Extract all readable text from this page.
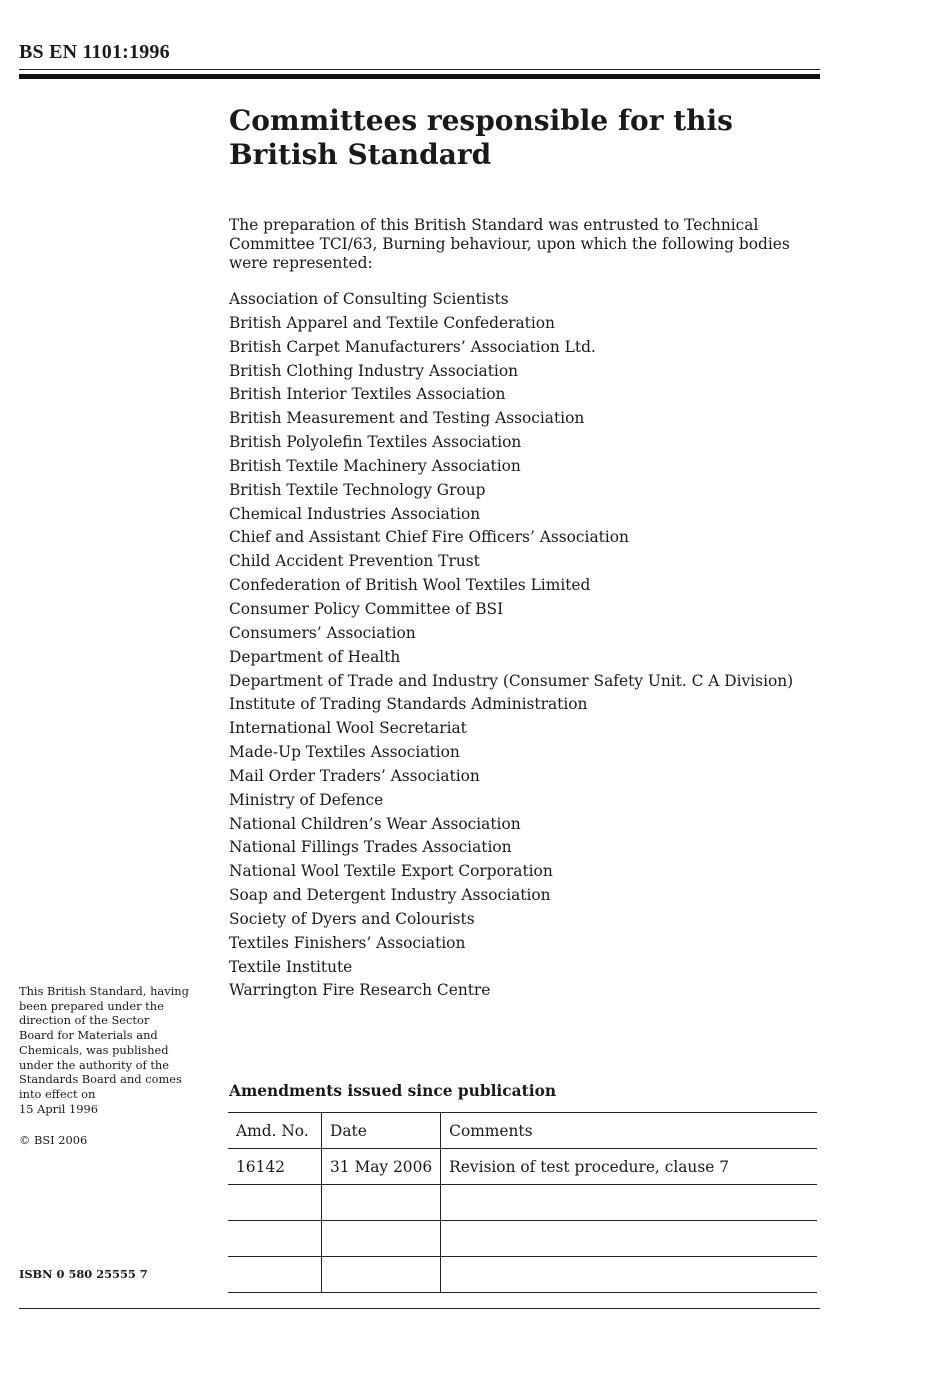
BS EN 1101:1996
Committees responsible for this
British Standard

The preparation of this British Standard was entrusted to Technical Committee TCI/63, Burning behaviour, upon which the following bodies were represented:

Association of Consulting Scientists
British Apparel and Textile Confederation
British Carpet Manufacturers’ Association Ltd.
British Clothing Industry Association
British Interior Textiles Association
British Measurement and Testing Association
British Polyolefin Textiles Association
British Textile Machinery Association
British Textile Technology Group
Chemical Industries Association
Chief and Assistant Chief Fire Officers’ Association
Child Accident Prevention Trust
Confederation of British Wool Textiles Limited
Consumer Policy Committee of BSI
Consumers’ Association
Department of Health
Department of Trade and Industry (Consumer Safety Unit. C A Division)
Institute of Trading Standards Administration
International Wool Secretariat
Made-Up Textiles Association
Mail Order Traders’ Association
Ministry of Defence
National Children’s Wear Association
National Fillings Trades Association
National Wool Textile Export Corporation
Soap and Detergent Industry Association
Society of Dyers and Colourists
Textiles Finishers’ Association
Textile Institute
Warrington Fire Research Centre

This British Standard, having
been prepared under the
direction of the Sector
Board for Materials and
Chemicals, was published
under the authority of the
Standards Board and comes
into effect on
15 April 1996

© BSI 2006

ISBN 0 580 25555 7

Amendments issued since publication
Amd. No.	Date	Comments
16142	31 May 2006	Revision of test procedure, clause 7
